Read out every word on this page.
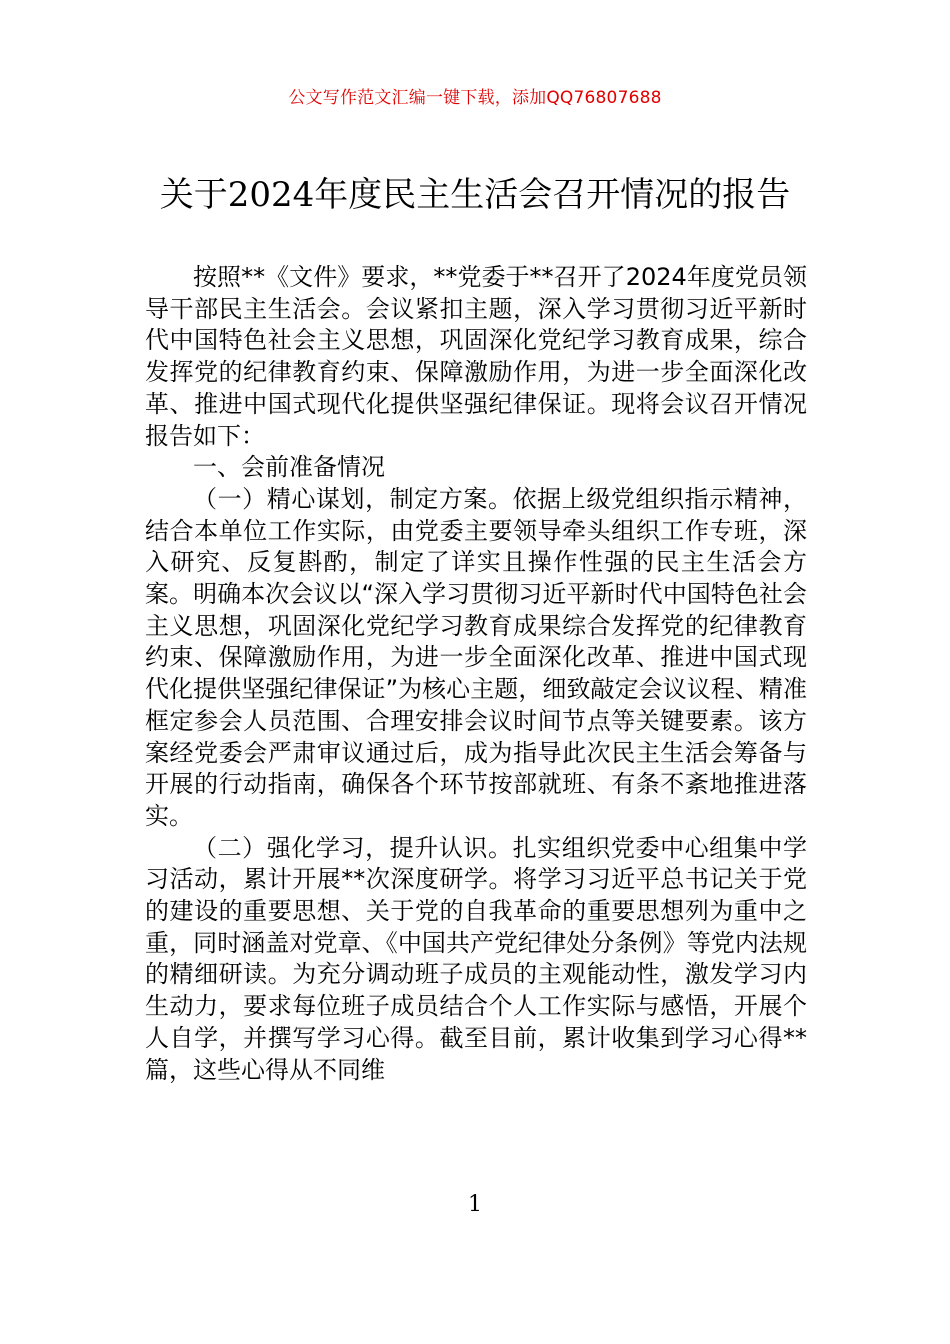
公文写作范文汇编一键下载，添加QQ76807688
关于2024年度民主生活会召开情况的报告

按照**《文件》要求，**党委于**召开了2024年度党员领导干部民主生活会。会议紧扣主题，深入学习贯彻习近平新时代中国特色社会主义思想，巩固深化党纪学习教育成果，综合发挥党的纪律教育约束、保障激励作用，为进一步全面深化改革、推进中国式现代化提供坚强纪律保证。现将会议召开情况报告如下：

一、会前准备情况

（一）精心谋划，制定方案。依据上级党组织指示精神，结合本单位工作实际，由党委主要领导牵头组织工作专班，深入研究、反复斟酌，制定了详实且操作性强的民主生活会方案。明确本次会议以“深入学习贯彻习近平新时代中国特色社会主义思想，巩固深化党纪学习教育成果综合发挥党的纪律教育约束、保障激励作用，为进一步全面深化改革、推进中国式现代化提供坚强纪律保证”为核心主题，细致敲定会议议程、精准框定参会人员范围、合理安排会议时间节点等关键要素。该方案经党委会严肃审议通过后，成为指导此次民主生活会筹备与开展的行动指南，确保各个环节按部就班、有条不紊地推进落实。

（二）强化学习，提升认识。扎实组织党委中心组集中学习活动，累计开展**次深度研学。将学习习近平总书记关于党的建设的重要思想、关于党的自我革命的重要思想列为重中之重，同时涵盖对党章、《中国共产党纪律处分条例》等党内法规的精细研读。为充分调动班子成员的主观能动性，激发学习内生动力，要求每位班子成员结合个人工作实际与感悟，开展个人自学，并撰写学习心得。截至目前，累计收集到学习心得**篇，这些心得从不同维

1
